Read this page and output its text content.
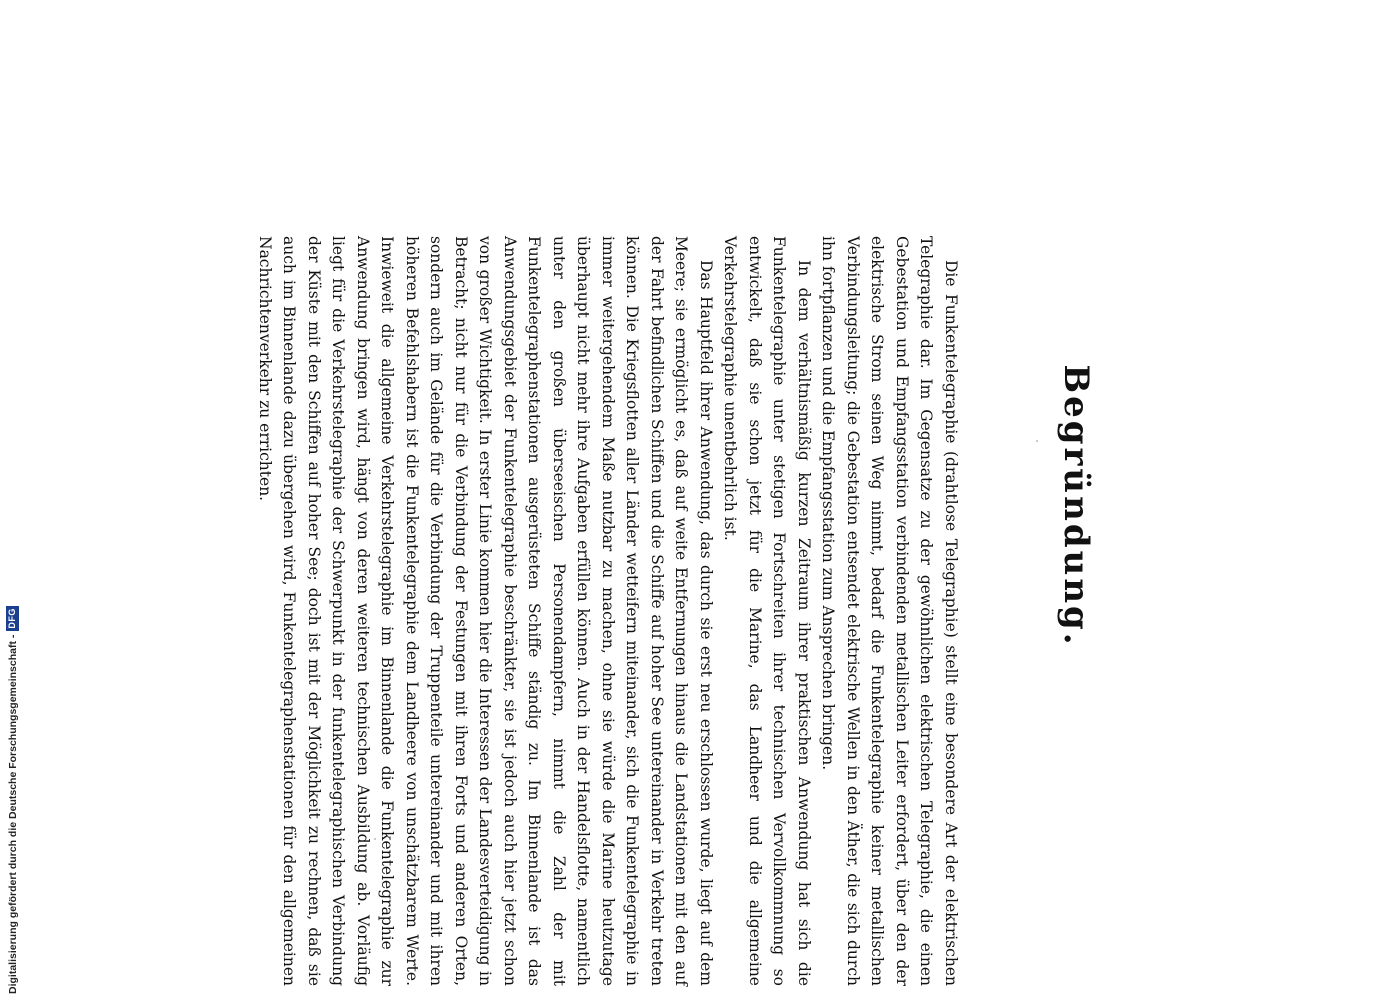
Digitalisierung gefördert durch die Deutsche Forschungsgemeinschaft -
DFG	Begründung.

Die Funkentelegraphie (drahtlose Telegraphie) stellt eine besondere Art der elektrischen Telegraphie dar. Im Gegensatze zu der gewöhnlichen elektrischen Telegraphie, die einen Gebestation und Empfangsstation verbindenden metallischen Leiter erfordert, über den der elektrische Strom seinen Weg nimmt, bedarf die Funkentelegraphie keiner metallischen Verbindungsleitung; die Gebestation entsendet elektrische Wellen in den Äther, die sich durch ihn fortpflanzen und die Empfangsstation zum Ansprechen bringen.

In dem verhältnismäßig kurzen Zeitraum ihrer praktischen Anwendung hat sich die Funkentelegraphie unter stetigen Fortschreiten ihrer technischen Vervollkommnung so entwickelt, daß sie schon jetzt für die Marine, das Landheer und die allgemeine Verkehrstelegraphie unentbehrlich ist.

Das Hauptfeld ihrer Anwendung, das durch sie erst neu erschlossen wurde, liegt auf dem Meere; sie ermöglicht es, daß auf weite Entfernungen hinaus die Landstationen mit den auf der Fahrt befindlichen Schiffen und die Schiffe auf hoher See untereinander in Verkehr treten können. Die Kriegsflotten aller Länder wetteifern miteinander, sich die Funkentelegraphie in immer weitergehendem Maße nutzbar zu machen, ohne sie würde die Marine heutzutage überhaupt nicht mehr ihre Aufgaben erfüllen können. Auch in der Handelsflotte, namentlich unter den großen überseeischen Personendampfern, nimmt die Zahl der mit Funkentelegraphenstationen ausgerüsteten Schiffe ständig zu. Im Binnenlande ist das Anwendungsgebiet der Funkentelegraphie beschränkter, sie ist jedoch auch hier jetzt schon von großer Wichtigkeit. In erster Linie kommen hier die Interessen der Landesverteidigung in Betracht; nicht nur für die Verbindung der Festungen mit ihren Forts und anderen Orten, sondern auch im Gelände für die Verbindung der Truppenteile untereinander und mit ihren höheren Befehlshabern ist die Funkentelegraphie dem Landheere von unschätzbarem Werte. Inwieweit die allgemeine Verkehrstelegraphie im Binnenlande die Funkentelegraphie zur Anwendung bringen wird, hängt von deren weiteren technischen Ausbildung ab. Vorläufig liegt für die Verkehrstelegraphie der Schwerpunkt in der funkentelegraphischen Verbindung der Küste mit den Schiffen auf hoher See; doch ist mit der Möglichkeit zu rechnen, daß sie auch im Binnenlande dazu übergehen wird, Funkentelegraphenstationen für den allgemeinen Nachrichtenverkehr zu errichten.
